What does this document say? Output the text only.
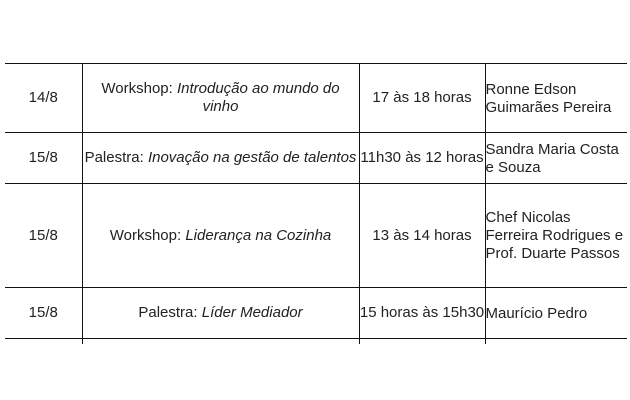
14/8	Workshop: Introdução ao mundo do vinho	17 às 18 horas	Ronne Edson Guimarães Pereira

15/8	Palestra: Inovação na gestão de talentos	11h30 às 12 horas	Sandra Maria Costa e Souza

15/8	Workshop: Liderança na Cozinha	13 às 14 horas	Chef Nicolas Ferreira Rodrigues e Prof. Duarte Passos

15/8	Palestra: Líder Mediador	15 horas às 15h30	Maurício Pedro
